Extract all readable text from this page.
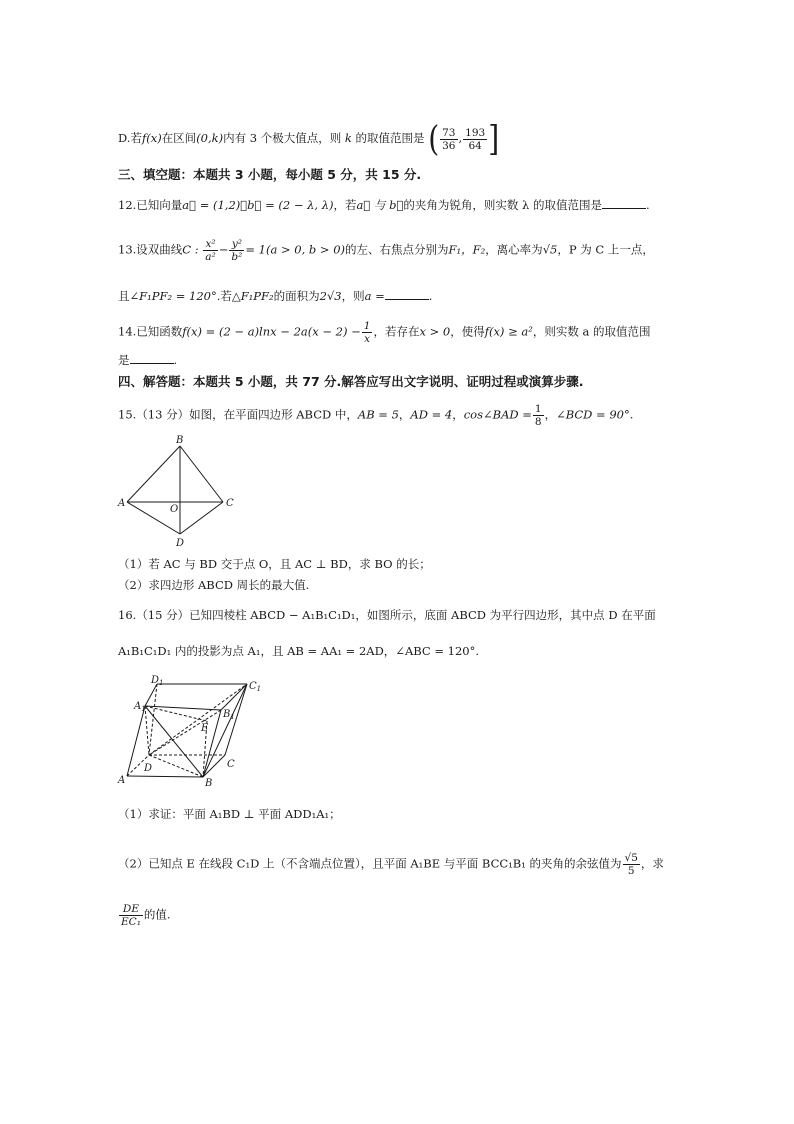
D.若f(x)在区间(0,k)内有 3 个极大值点，则 k 的取值范围是 ( $\frac{73}{36}$ , $\frac{193}{64}$ ]
三、填空题：本题共 3 小题，每小题 5 分，共 15 分.
12.已知向量a⃗ = (1,2)，b⃗ = (2 − λ, λ)，若a⃗ 与 b⃗的夹角为锐角，则实数 λ 的取值范围是	.
13.设双曲线C : $\frac{\text{x²}}{\text{a²}} - \frac{\text{y²}}{\text{b²}} = 1(a > 0$, b > 0)的左、右焦点分别为F₁，F₂，离心率为√5，P 为 C 上一点，
且∠F₁PF₂ = 120°.若△F₁PF₂的面积为2√3，则a =	.
14.已知函数$f(x) = (2 - a)\ln x - 2a(x - 2) - \frac{1}{x}$ ，若存在x > 0，使得f(x) ≥ a²，则实数 a 的取值范围
是	.
四、解答题：本题共 5 小题，共 77 分.解答应写出文字说明、证明过程或演算步骤.
15.（13 分）如图，在平面四边形 ABCD 中，AB = 5，AD = 4，cos∠BAD = $\frac{1}{8}$ ，∠BCD = 90°.
B
A	C
O
D
（1）若 AC 与 BD 交于点 O，且 AC ⊥ BD，求 BO 的长；
（2）求四边形 ABCD 周长的最大值.
16.（15 分）已知四棱柱 ABCD − A₁B₁C₁D₁，如图所示，底面 ABCD 为平行四边形，其中点 D 在平面
A₁B₁C₁D₁ 内的投影为点 A₁，且 AB = AA₁ = 2AD，∠ABC = 120°.
$D_1$	$C_1$
$A_1$	$B_1$
E
D	C
A	B
（1）求证：平面 A₁BD ⊥ 平面 ADD₁A₁；
（2）已知点 E 在线段 C₁D 上（不含端点位置），且平面 A₁BE 与平面 BCC₁B₁ 的夹角的余弦值为 $\frac{√5}{5}$ ，求
$\frac{DE}{\text{EC₁}}$ 的值.
